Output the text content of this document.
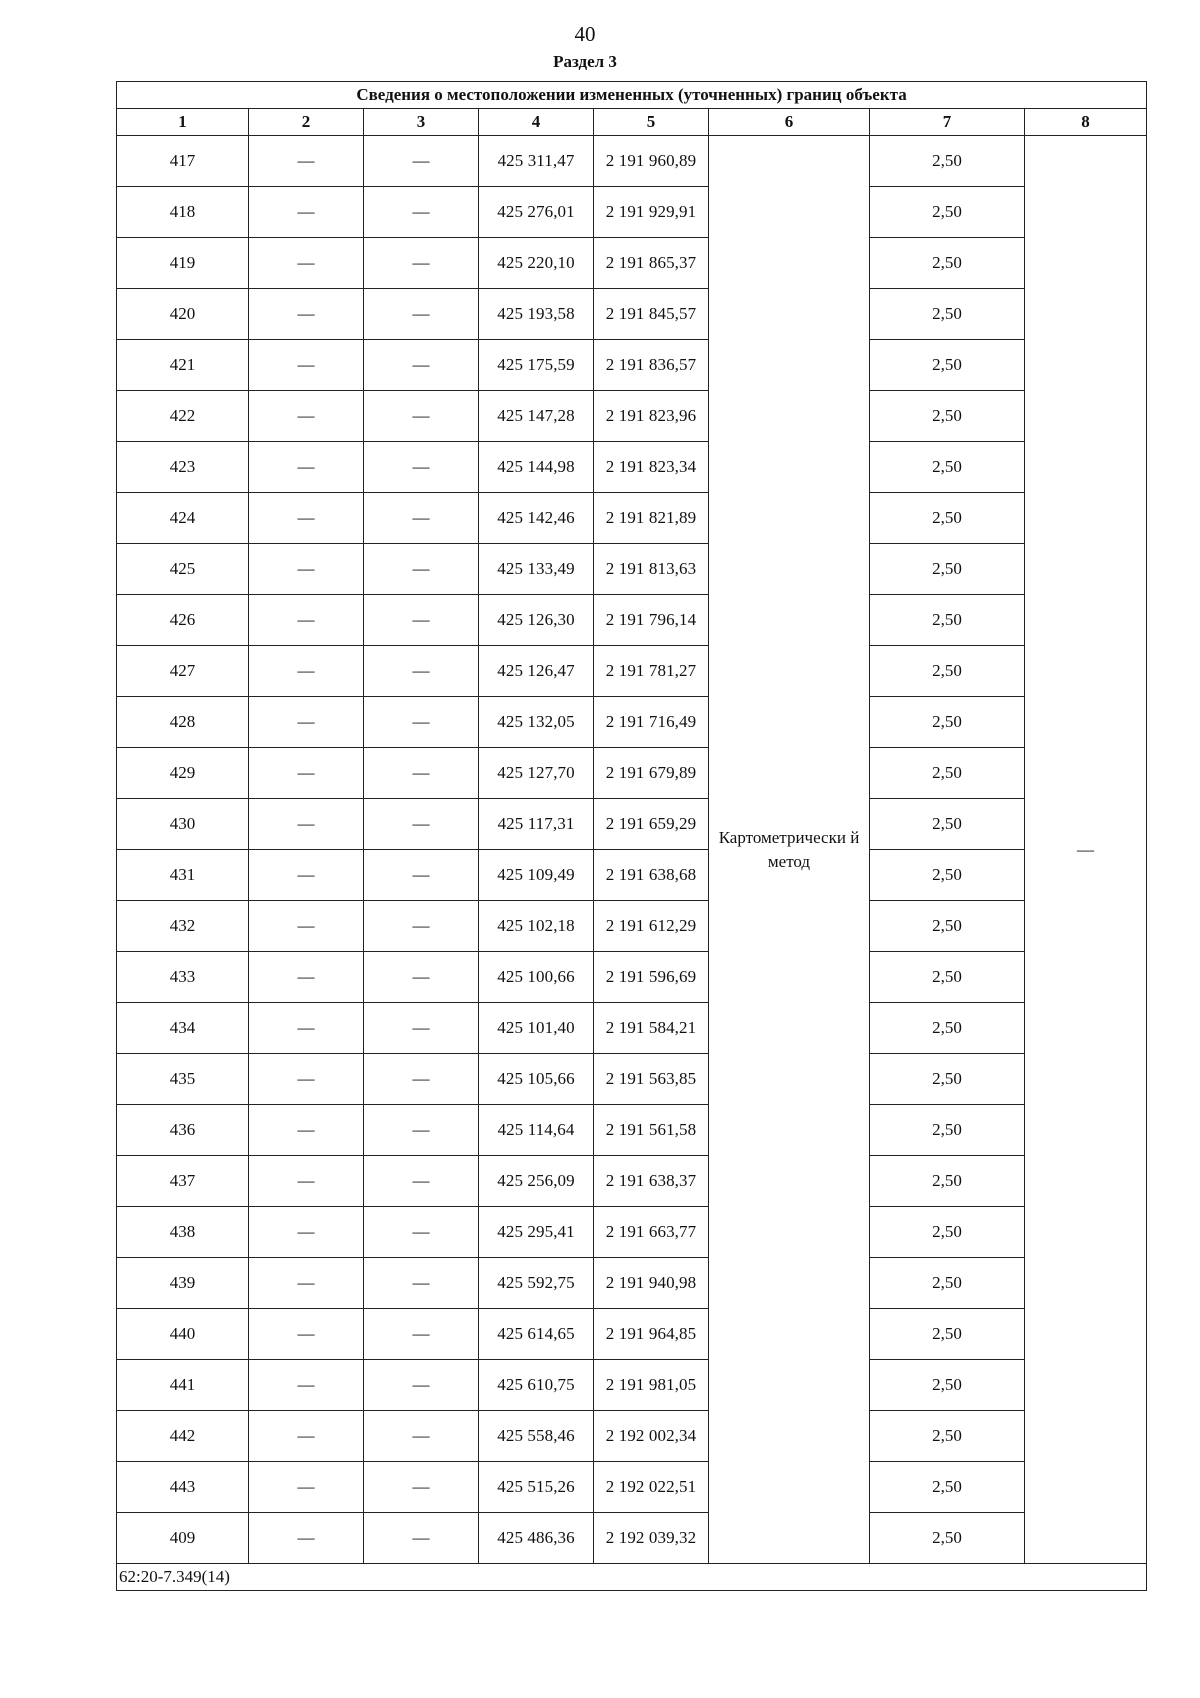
40
Раздел 3
Сведения о местоположении измененных (уточненных) границ объекта							
1	2	3	4	5	6	7	8
417	—	—	425 311,47	2 191 960,89	Картометрически й метод	2,50	—
418	—	—	425 276,01	2 191 929,91		2,50	
419	—	—	425 220,10	2 191 865,37		2,50	
420	—	—	425 193,58	2 191 845,57		2,50	
421	—	—	425 175,59	2 191 836,57		2,50	
422	—	—	425 147,28	2 191 823,96		2,50	
423	—	—	425 144,98	2 191 823,34		2,50	
424	—	—	425 142,46	2 191 821,89		2,50	
425	—	—	425 133,49	2 191 813,63		2,50	
426	—	—	425 126,30	2 191 796,14		2,50	
427	—	—	425 126,47	2 191 781,27		2,50	
428	—	—	425 132,05	2 191 716,49		2,50	
429	—	—	425 127,70	2 191 679,89		2,50	
430	—	—	425 117,31	2 191 659,29		2,50	
431	—	—	425 109,49	2 191 638,68		2,50	
432	—	—	425 102,18	2 191 612,29		2,50	
433	—	—	425 100,66	2 191 596,69		2,50	
434	—	—	425 101,40	2 191 584,21		2,50	
435	—	—	425 105,66	2 191 563,85		2,50	
436	—	—	425 114,64	2 191 561,58		2,50	
437	—	—	425 256,09	2 191 638,37		2,50	
438	—	—	425 295,41	2 191 663,77		2,50	
439	—	—	425 592,75	2 191 940,98		2,50	
440	—	—	425 614,65	2 191 964,85		2,50	
441	—	—	425 610,75	2 191 981,05		2,50	
442	—	—	425 558,46	2 192 002,34		2,50	
443	—	—	425 515,26	2 192 022,51		2,50	
409	—	—	425 486,36	2 192 039,32		2,50	
62:20-7.349(14)							
